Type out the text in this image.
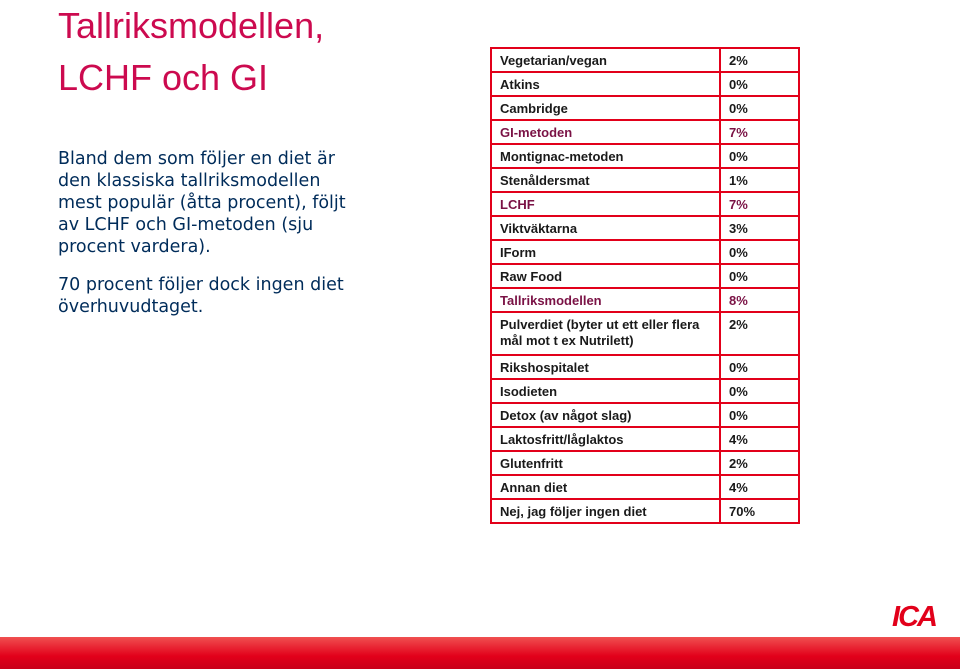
Tallriksmodellen,
LCHF och GI

Bland dem som följer en diet är den klassiska tallriksmodellen mest populär (åtta procent), följt av LCHF och GI-metoden (sju procent vardera).

70 procent följer dock ingen diet överhuvudtaget.

Vegetarian/vegan	2%
Atkins	0%
Cambridge	0%
GI-metoden	7%
Montignac-metoden	0%
Stenåldersmat	1%
LCHF	7%
Viktväktarna	3%
IForm	0%
Raw Food	0%
Tallriksmodellen	8%
Pulverdiet (byter ut ett eller flera mål mot t ex Nutrilett)	2%
Rikshospitalet	0%
Isodieten	0%
Detox (av något slag)	0%
Laktosfritt/låglaktos	4%
Glutenfritt	2%
Annan diet	4%
Nej, jag följer ingen diet	70%
ICA
